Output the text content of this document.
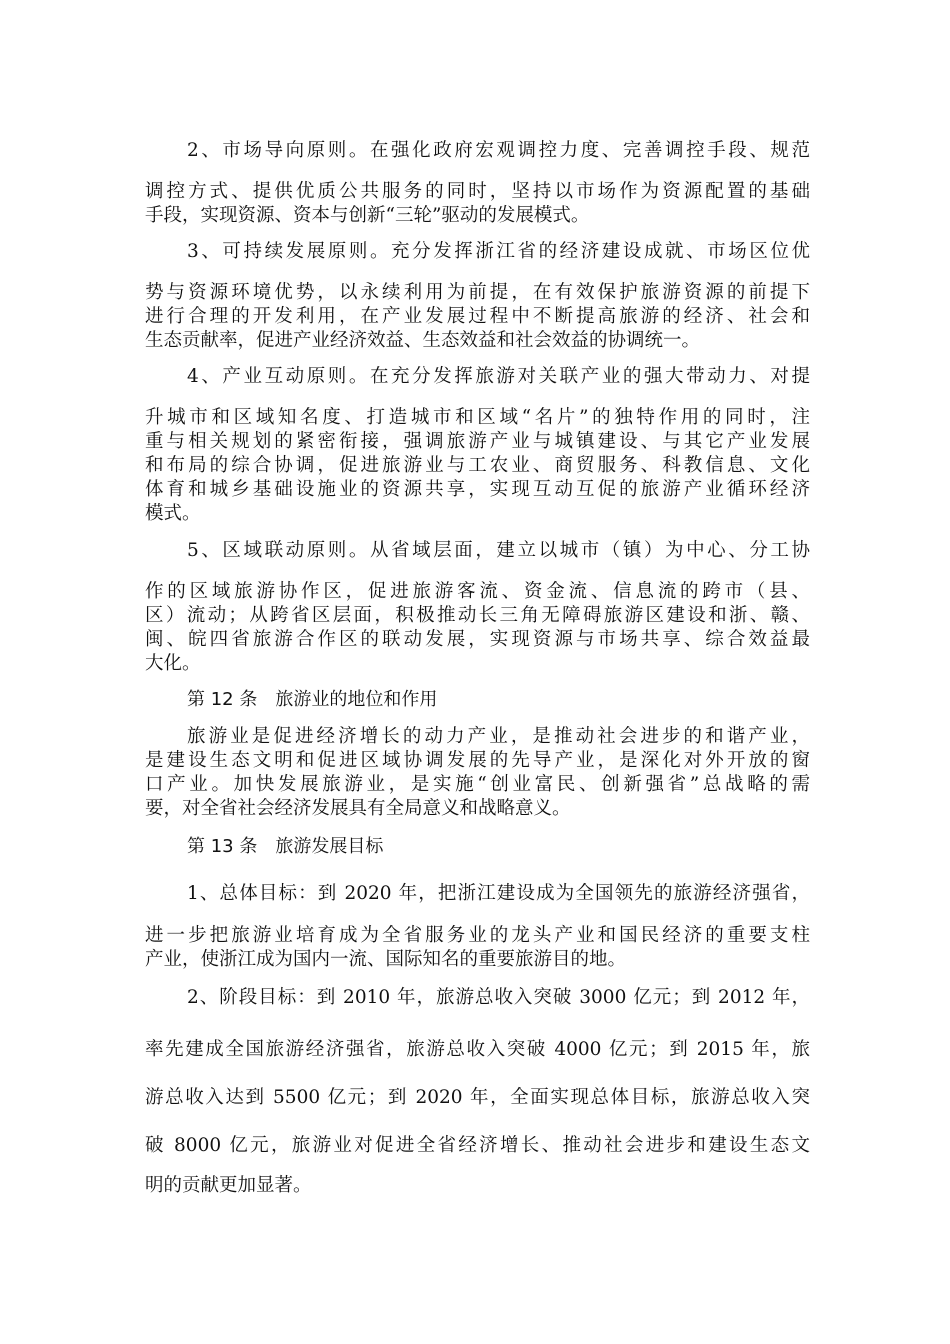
2、市场导向原则。在强化政府宏观调控力度、完善调控手段、规范
调控方式、提供优质公共服务的同时，坚持以市场作为资源配置的基础
手段，实现资源、资本与创新“三轮”驱动的发展模式。
3、可持续发展原则。充分发挥浙江省的经济建设成就、市场区位优
势与资源环境优势，以永续利用为前提，在有效保护旅游资源的前提下
进行合理的开发利用，在产业发展过程中不断提高旅游的经济、社会和
生态贡献率，促进产业经济效益、生态效益和社会效益的协调统一。
4、产业互动原则。在充分发挥旅游对关联产业的强大带动力、对提
升城市和区域知名度、打造城市和区域“名片”的独特作用的同时，注
重与相关规划的紧密衔接，强调旅游产业与城镇建设、与其它产业发展
和布局的综合协调，促进旅游业与工农业、商贸服务、科教信息、文化
体育和城乡基础设施业的资源共享，实现互动互促的旅游产业循环经济
模式。
5、区域联动原则。从省域层面，建立以城市（镇）为中心、分工协
作的区域旅游协作区，促进旅游客流、资金流、信息流的跨市（县、
区）流动；从跨省区层面，积极推动长三角无障碍旅游区建设和浙、赣、
闽、皖四省旅游合作区的联动发展，实现资源与市场共享、综合效益最
大化。
第 12 条　旅游业的地位和作用
旅游业是促进经济增长的动力产业，是推动社会进步的和谐产业，
是建设生态文明和促进区域协调发展的先导产业，是深化对外开放的窗
口产业。加快发展旅游业，是实施“创业富民、创新强省”总战略的需
要，对全省社会经济发展具有全局意义和战略意义。
第 13 条　旅游发展目标
1、总体目标：到 2020 年，把浙江建设成为全国领先的旅游经济强省，
进一步把旅游业培育成为全省服务业的龙头产业和国民经济的重要支柱
产业，使浙江成为国内一流、国际知名的重要旅游目的地。
2、阶段目标：到 2010 年，旅游总收入突破 3000 亿元；到 2012 年，
率先建成全国旅游经济强省，旅游总收入突破 4000 亿元；到 2015 年，旅
游总收入达到 5500 亿元；到 2020 年，全面实现总体目标，旅游总收入突
破 8000 亿元，旅游业对促进全省经济增长、推动社会进步和建设生态文
明的贡献更加显著。
